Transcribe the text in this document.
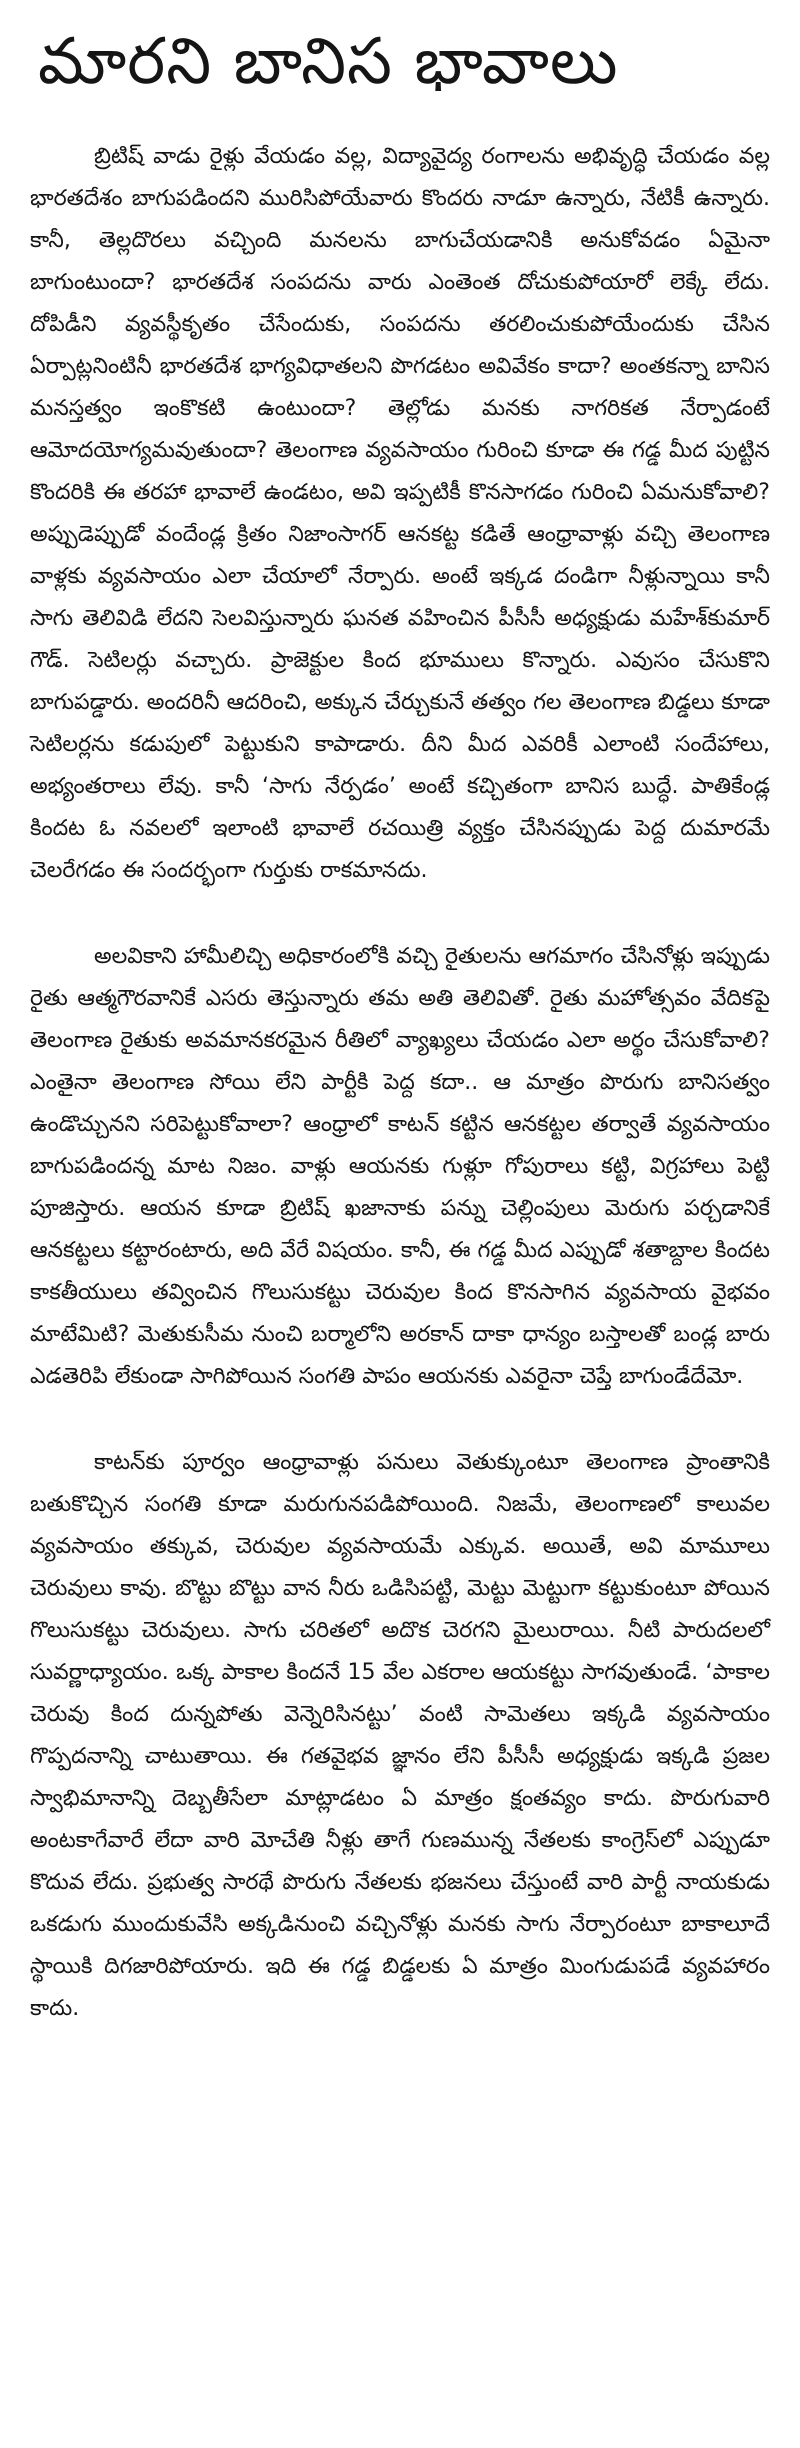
మారని బానిస భావాలు

బ్రిటిష్ వాడు రైళ్లు వేయడం వల్ల, విద్యావైద్య రంగాలను అభివృద్ధి చేయడం వల్ల భారతదేశం బాగుపడిందని మురిసిపోయేవారు కొందరు నాడూ ఉన్నారు, నేటికీ ఉన్నారు. కానీ, తెల్లదొరలు వచ్చింది మనలను బాగుచేయడానికి అనుకోవడం ఏమైనా బాగుంటుందా? భారతదేశ సంపదను వారు ఎంతెంత దోచుకుపోయారో లెక్కే లేదు. దోపిడీని వ్యవస్థీకృతం చేసేందుకు, సంపదను తరలించుకుపోయేందుకు చేసిన ఏర్పాట్లనింటినీ భారతదేశ భాగ్యవిధాతలని పొగడటం అవివేకం కాదా? అంతకన్నా బానిస మనస్తత్వం ఇంకొకటి ఉంటుందా? తెల్లోడు మనకు నాగరికత నేర్పాడంటే ఆమోదయోగ్యమవుతుందా? తెలంగాణ వ్యవసాయం గురించి కూడా ఈ గడ్డ మీద పుట్టిన కొందరికి ఈ తరహా భావాలే ఉండటం, అవి ఇప్పటికీ కొనసాగడం గురించి ఏమనుకోవాలి? అప్పుడెప్పుడో వందేండ్ల క్రితం నిజాంసాగర్ ఆనకట్ట కడితే ఆంధ్రావాళ్లు వచ్చి తెలంగాణ వాళ్లకు వ్యవసాయం ఎలా చేయాలో నేర్పారు. అంటే ఇక్కడ దండిగా నీళ్లున్నాయి కానీ సాగు తెలివిడి లేదని సెలవిస్తున్నారు ఘనత వహించిన పీసీసీ అధ్యక్షుడు మహేశ్‌కుమార్ గౌడ్. సెటిలర్లు వచ్చారు. ప్రాజెక్టుల కింద భూములు కొన్నారు. ఎవుసం చేసుకొని బాగుపడ్డారు. అందరినీ ఆదరించి, అక్కున చేర్చుకునే తత్వం గల తెలంగాణ బిడ్డలు కూడా సెటిలర్లను కడుపులో పెట్టుకుని కాపాడారు. దీని మీద ఎవరికీ ఎలాంటి సందేహాలు, అభ్యంతరాలు లేవు. కానీ ‘సాగు నేర్పడం’ అంటే కచ్చితంగా బానిస బుద్ధే. పాతికేండ్ల కిందట ఓ నవలలో ఇలాంటి భావాలే రచయిత్రి వ్యక్తం చేసినప్పుడు పెద్ద దుమారమే చెలరేగడం ఈ సందర్భంగా గుర్తుకు రాకమానదు.

అలవికాని హామీలిచ్చి అధికారంలోకి వచ్చి రైతులను ఆగమాగం చేసినోళ్లు ఇప్పుడు రైతు ఆత్మగౌరవానికే ఎసరు తెస్తున్నారు తమ అతి తెలివితో. రైతు మహోత్సవం వేదికపై తెలంగాణ రైతుకు అవమానకరమైన రీతిలో వ్యాఖ్యలు చేయడం ఎలా అర్థం చేసుకోవాలి? ఎంతైనా తెలంగాణ సోయి లేని పార్టీకి పెద్ద కదా.. ఆ మాత్రం పొరుగు బానిసత్వం ఉండొచ్చునని సరిపెట్టుకోవాలా? ఆంధ్రాలో కాటన్ కట్టిన ఆనకట్టల తర్వాతే వ్యవసాయం బాగుపడిందన్న మాట నిజం. వాళ్లు ఆయనకు గుళ్లూ గోపురాలు కట్టి, విగ్రహాలు పెట్టి పూజిస్తారు. ఆయన కూడా బ్రిటిష్ ఖజానాకు పన్ను చెల్లింపులు మెరుగు పర్చడానికే ఆనకట్టలు కట్టారంటారు, అది వేరే విషయం. కానీ, ఈ గడ్డ మీద ఎప్పుడో శతాబ్దాల కిందట కాకతీయులు తవ్వించిన గొలుసుకట్టు చెరువుల కింద కొనసాగిన వ్యవసాయ వైభవం మాటేమిటి? మెతుకుసీమ నుంచి బర్మాలోని అరకాన్ దాకా ధాన్యం బస్తాలతో బండ్ల బారు ఎడతెరిపి లేకుండా సాగిపోయిన సంగతి పాపం ఆయనకు ఎవరైనా చెప్తే బాగుండేదేమో.

కాటన్‌కు పూర్వం ఆంధ్రావాళ్లు పనులు వెతుక్కుంటూ తెలంగాణ ప్రాంతానికి బతుకొచ్చిన సంగతి కూడా మరుగునపడిపోయింది. నిజమే, తెలంగాణలో కాలువల వ్యవసాయం తక్కువ, చెరువుల వ్యవసాయమే ఎక్కువ. అయితే, అవి మామూలు చెరువులు కావు. బొట్టు బొట్టు వాన నీరు ఒడిసిపట్టి, మెట్టు మెట్టుగా కట్టుకుంటూ పోయిన గొలుసుకట్టు చెరువులు. సాగు చరితలో అదొక చెరగని మైలురాయి. నీటి పారుదలలో సువర్ణాధ్యాయం. ఒక్క పాకాల కిందనే 15 వేల ఎకరాల ఆయకట్టు సాగవుతుండే. ‘పాకాల చెరువు కింద దున్నపోతు వెన్నెరిసినట్టు’ వంటి సామెతలు ఇక్కడి వ్యవసాయం గొప్పదనాన్ని చాటుతాయి. ఈ గతవైభవ జ్ఞానం లేని పీసీసీ అధ్యక్షుడు ఇక్కడి ప్రజల స్వాభిమానాన్ని దెబ్బతీసేలా మాట్లాడటం ఏ మాత్రం క్షంతవ్యం కాదు. పొరుగువారి అంటకాగేవారే లేదా వారి మోచేతి నీళ్లు తాగే గుణమున్న నేతలకు కాంగ్రెస్‌లో ఎప్పుడూ కొదువ లేదు. ప్రభుత్వ సారథే పొరుగు నేతలకు భజనలు చేస్తుంటే వారి పార్టీ నాయకుడు ఒకడుగు ముందుకువేసి అక్కడినుంచి వచ్చినోళ్లు మనకు సాగు నేర్పారంటూ బాకాలూదే స్థాయికి దిగజారిపోయారు. ఇది ఈ గడ్డ బిడ్డలకు ఏ మాత్రం మింగుడుపడే వ్యవహారం కాదు.
